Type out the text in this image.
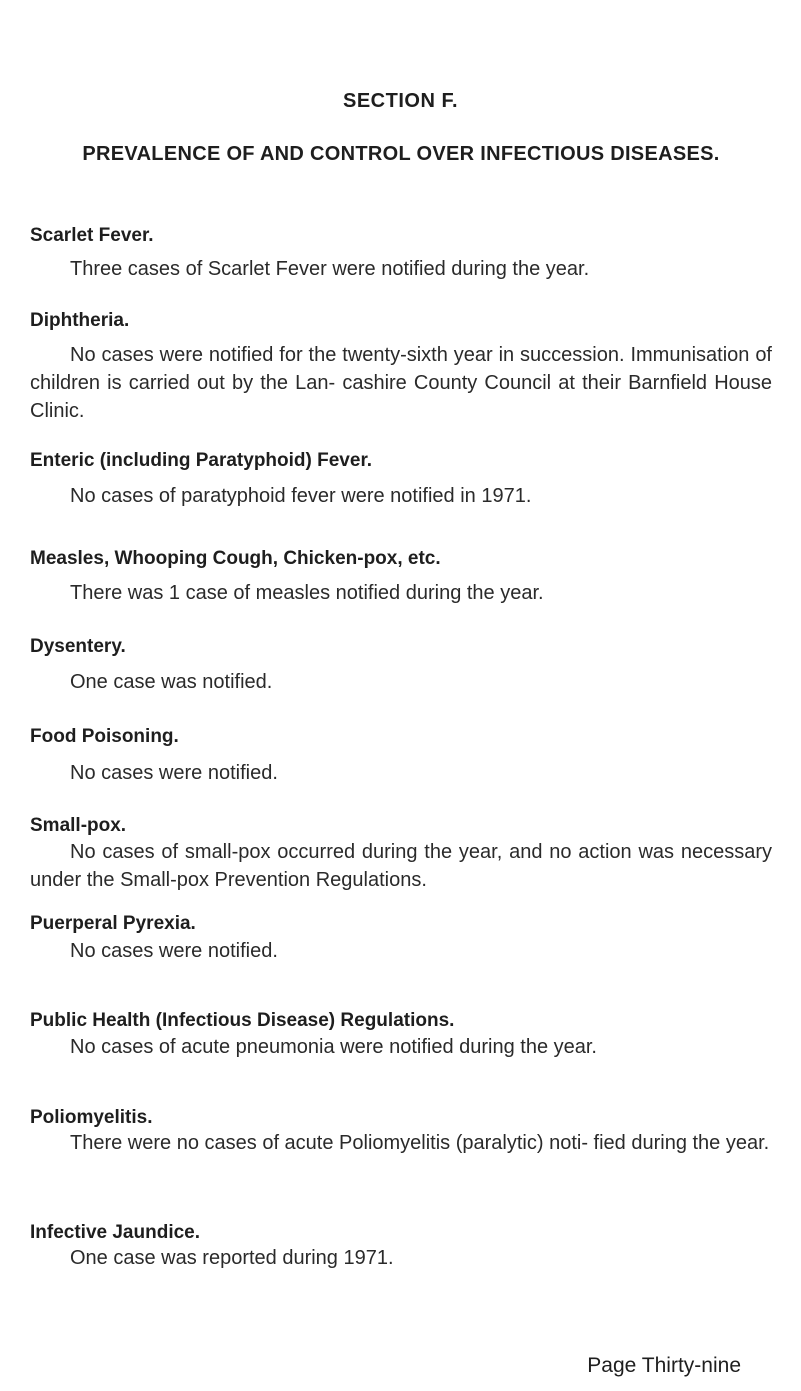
SECTION F.
PREVALENCE OF AND CONTROL OVER INFECTIOUS DISEASES.
Scarlet Fever.
Three cases of Scarlet Fever were notified during the year.
Diphtheria.
No cases were notified for the twenty-sixth year in succession. Immunisation of children is carried out by the Lan- cashire County Council at their Barnfield House Clinic.
Enteric (including Paratyphoid) Fever.
No cases of paratyphoid fever were notified in 1971.
Measles, Whooping Cough, Chicken-pox, etc.
There was 1 case of measles notified during the year.
Dysentery.
One case was notified.
Food Poisoning.
No cases were notified.
Small-pox.
No cases of small-pox occurred during the year, and no action was necessary under the Small-pox Prevention Regulations.
Puerperal Pyrexia.
No cases were notified.
Public Health (Infectious Disease) Regulations.
No cases of acute pneumonia were notified during the year.
Poliomyelitis.
There were no cases of acute Poliomyelitis (paralytic) noti- fied during the year.
Infective Jaundice.
One case was reported during 1971.
Page Thirty-nine
